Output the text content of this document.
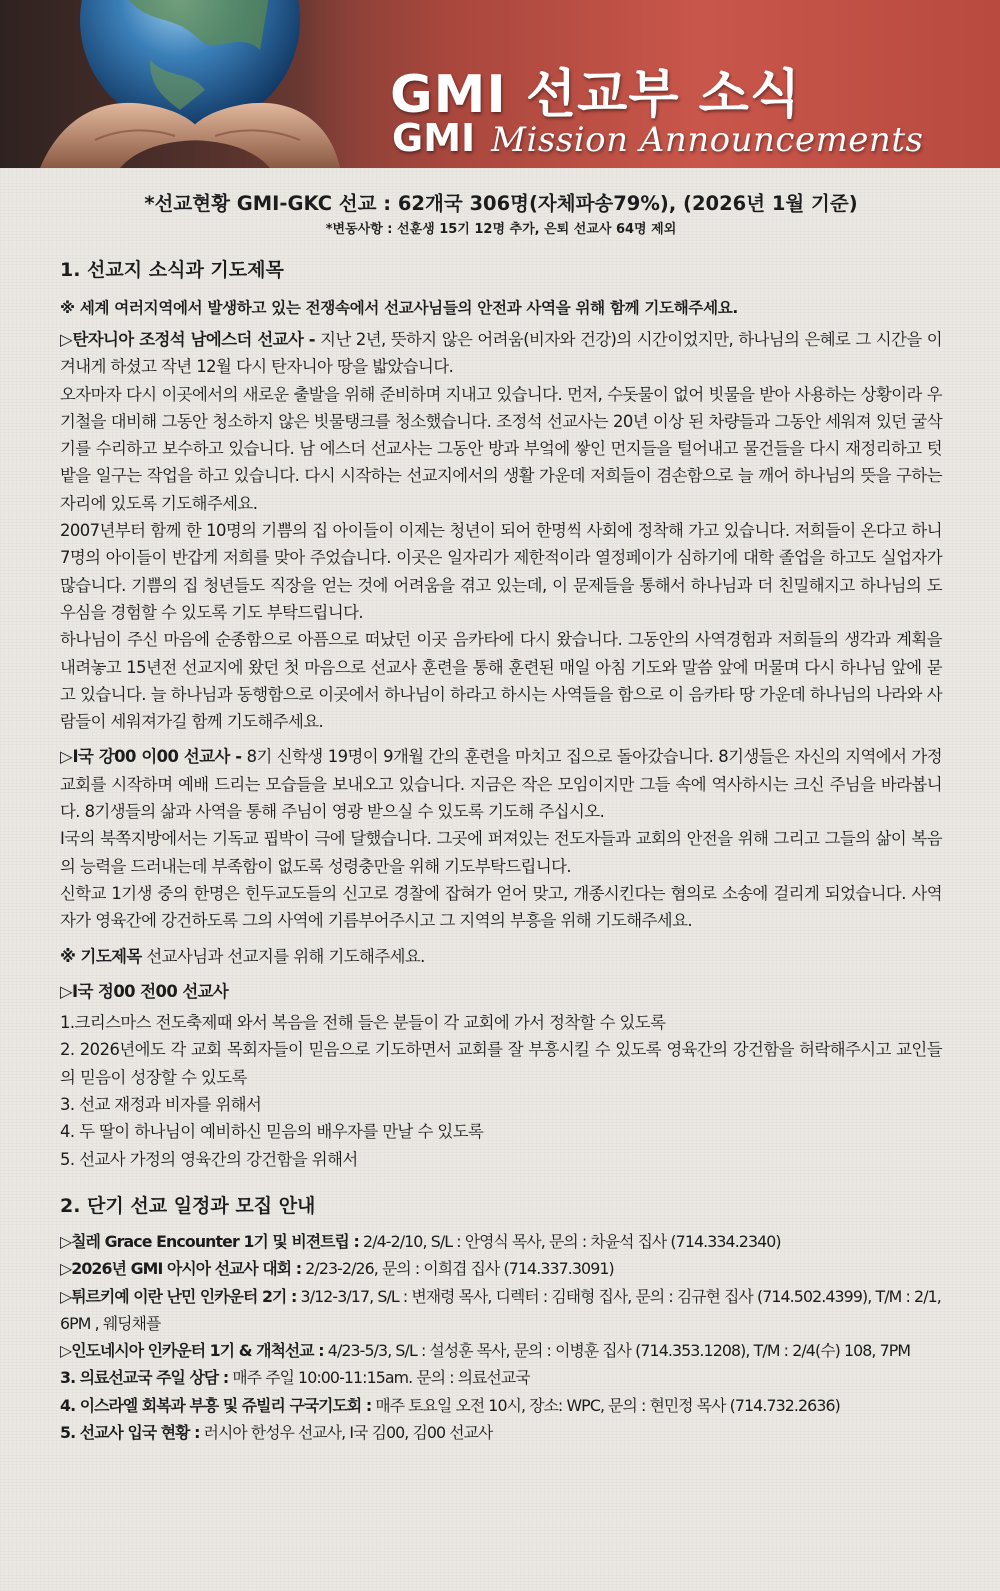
GMI 선교부 소식
GMI Mission Announcements
*선교현황 GMI-GKC 선교 : 62개국 306명(자체파송79%), (2026년 1월 기준)
*변동사항 : 선훈생 15기 12명 추가, 은퇴 선교사 64명 제외
1. 선교지 소식과 기도제목
※ 세계 여러지역에서 발생하고 있는 전쟁속에서 선교사님들의 안전과 사역을 위해 함께 기도해주세요.

▷탄자니아 조정석 남에스더 선교사 - 지난 2년, 뜻하지 않은 어려움(비자와 건강)의 시간이었지만, 하나님의 은혜로 그 시간을 이겨내게 하셨고 작년 12월 다시 탄자니아 땅을 밟았습니다.

오자마자 다시 이곳에서의 새로운 출발을 위해 준비하며 지내고 있습니다. 먼저, 수돗물이 없어 빗물을 받아 사용하는 상황이라 우기철을 대비해 그동안 청소하지 않은 빗물탱크를 청소했습니다. 조정석 선교사는 20년 이상 된 차량들과 그동안 세워져 있던 굴삭기를 수리하고 보수하고 있습니다. 남 에스더 선교사는 그동안 방과 부엌에 쌓인 먼지들을 털어내고 물건들을 다시 재정리하고 텃밭을 일구는 작업을 하고 있습니다. 다시 시작하는 선교지에서의 생활 가운데 저희들이 겸손함으로 늘 깨어 하나님의 뜻을 구하는 자리에 있도록 기도해주세요.

2007년부터 함께 한 10명의 기쁨의 집 아이들이 이제는 청년이 되어 한명씩 사회에 정착해 가고 있습니다. 저희들이 온다고 하니 7명의 아이들이 반갑게 저희를 맞아 주었습니다. 이곳은 일자리가 제한적이라 열정페이가 심하기에 대학 졸업을 하고도 실업자가 많습니다. 기쁨의 집 청년들도 직장을 얻는 것에 어려움을 겪고 있는데, 이 문제들을 통해서 하나님과 더 친밀해지고 하나님의 도우심을 경험할 수 있도록 기도 부탁드립니다.

하나님이 주신 마음에 순종함으로 아픔으로 떠났던 이곳 음카타에 다시 왔습니다. 그동안의 사역경험과 저희들의 생각과 계획을 내려놓고 15년전 선교지에 왔던 첫 마음으로 선교사 훈련을 통해 훈련된 매일 아침 기도와 말씀 앞에 머물며 다시 하나님 앞에 묻고 있습니다. 늘 하나님과 동행함으로 이곳에서 하나님이 하라고 하시는 사역들을 함으로 이 음카타 땅 가운데 하나님의 나라와 사람들이 세워져가길 함께 기도해주세요.

▷I국 강00 이00 선교사 - 8기 신학생 19명이 9개월 간의 훈련을 마치고 집으로 돌아갔습니다. 8기생들은 자신의 지역에서 가정교회를 시작하며 예배 드리는 모습들을 보내오고 있습니다. 지금은 작은 모임이지만 그들 속에 역사하시는 크신 주님을 바라봅니다. 8기생들의 삶과 사역을 통해 주님이 영광 받으실 수 있도록 기도해 주십시오.

I국의 북쪽지방에서는 기독교 핍박이 극에 달했습니다. 그곳에 퍼져있는 전도자들과 교회의 안전을 위해 그리고 그들의 삶이 복음의 능력을 드러내는데 부족함이 없도록 성령충만을 위해 기도부탁드립니다.

신학교 1기생 중의 한명은 힌두교도들의 신고로 경찰에 잡혀가 얻어 맞고, 개종시킨다는 혐의로 소송에 걸리게 되었습니다. 사역자가 영육간에 강건하도록 그의 사역에 기름부어주시고 그 지역의 부흥을 위해 기도해주세요.

※ 기도제목 선교사님과 선교지를 위해 기도해주세요.

▷I국 정00 전00 선교사

1.크리스마스 전도축제때 와서 복음을 전해 들은 분들이 각 교회에 가서 정착할 수 있도록
2. 2026년에도 각 교회 목회자들이 믿음으로 기도하면서 교회를 잘 부흥시킬 수 있도록 영육간의 강건함을 허락해주시고 교인들의 믿음이 성장할 수 있도록
3. 선교 재정과 비자를 위해서
4. 두 딸이 하나님이 예비하신 믿음의 배우자를 만날 수 있도록
5. 선교사 가정의 영육간의 강건함을 위해서
2. 단기 선교 일정과 모집 안내
▷칠레 Grace Encounter 1기 및 비젼트립 : 2/4-2/10, S/L : 안영식 목사, 문의 : 차윤석 집사 (714.334.2340)
▷2026년 GMI 아시아 선교사 대회 : 2/23-2/26, 문의 : 이희겹 집사 (714.337.3091)
▷튀르키예 이란 난민 인카운터 2기 : 3/12-3/17, S/L : 변재령 목사, 디렉터 : 김태형 집사, 문의 : 김규현 집사 (714.502.4399), T/M : 2/1, 6PM , 웨딩채플
▷인도네시아 인카운터 1기 & 개척선교 : 4/23-5/3, S/L : 설성훈 목사, 문의 : 이병훈 집사 (714.353.1208), T/M : 2/4(수) 108, 7PM
3. 의료선교국 주일 상담 : 매주 주일 10:00-11:15am. 문의 : 의료선교국
4. 이스라엘 회복과 부흥 및 쥬빌리 구국기도회 : 매주 토요일 오전 10시, 장소: WPC, 문의 : 현민정 목사 (714.732.2636)
5. 선교사 입국 현황 : 러시아 한성우 선교사, I국 김00, 김00 선교사
